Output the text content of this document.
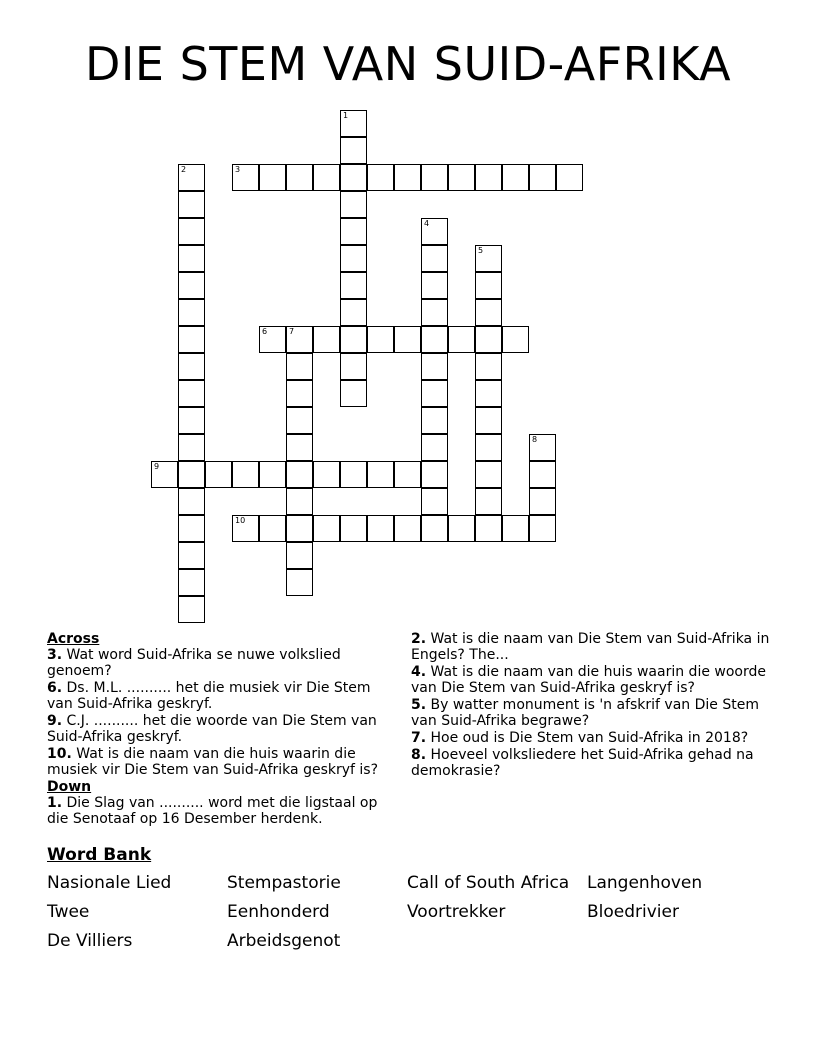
DIE STEM VAN SUID-AFRIKA
1
2	3
4
5
6	7
8
9
10
Across
3. Wat word Suid-Afrika se nuwe volkslied genoem?
6. Ds. M.L. .......... het die musiek vir Die Stem van Suid-Afrika geskryf.
9. C.J. .......... het die woorde van Die Stem van Suid-Afrika geskryf.
10. Wat is die naam van die huis waarin die musiek vir Die Stem van Suid-Afrika geskryf is?
Down
1. Die Slag van .......... word met die ligstaal op die Senotaaf op 16 Desember herdenk.
2. Wat is die naam van Die Stem van Suid-Afrika in Engels? The...
4. Wat is die naam van die huis waarin die woorde van Die Stem van Suid-Afrika geskryf is?
5. By watter monument is 'n afskrif van Die Stem van Suid-Afrika begrawe?
7. Hoe oud is Die Stem van Suid-Afrika in 2018?
8. Hoeveel volksliedere het Suid-Afrika gehad na demokrasie?
Word Bank
Nasionale Lied	Stempastorie	Call of South Africa	Langenhoven
Twee	Eenhonderd	Voortrekker	Bloedrivier
De Villiers	Arbeidsgenot
